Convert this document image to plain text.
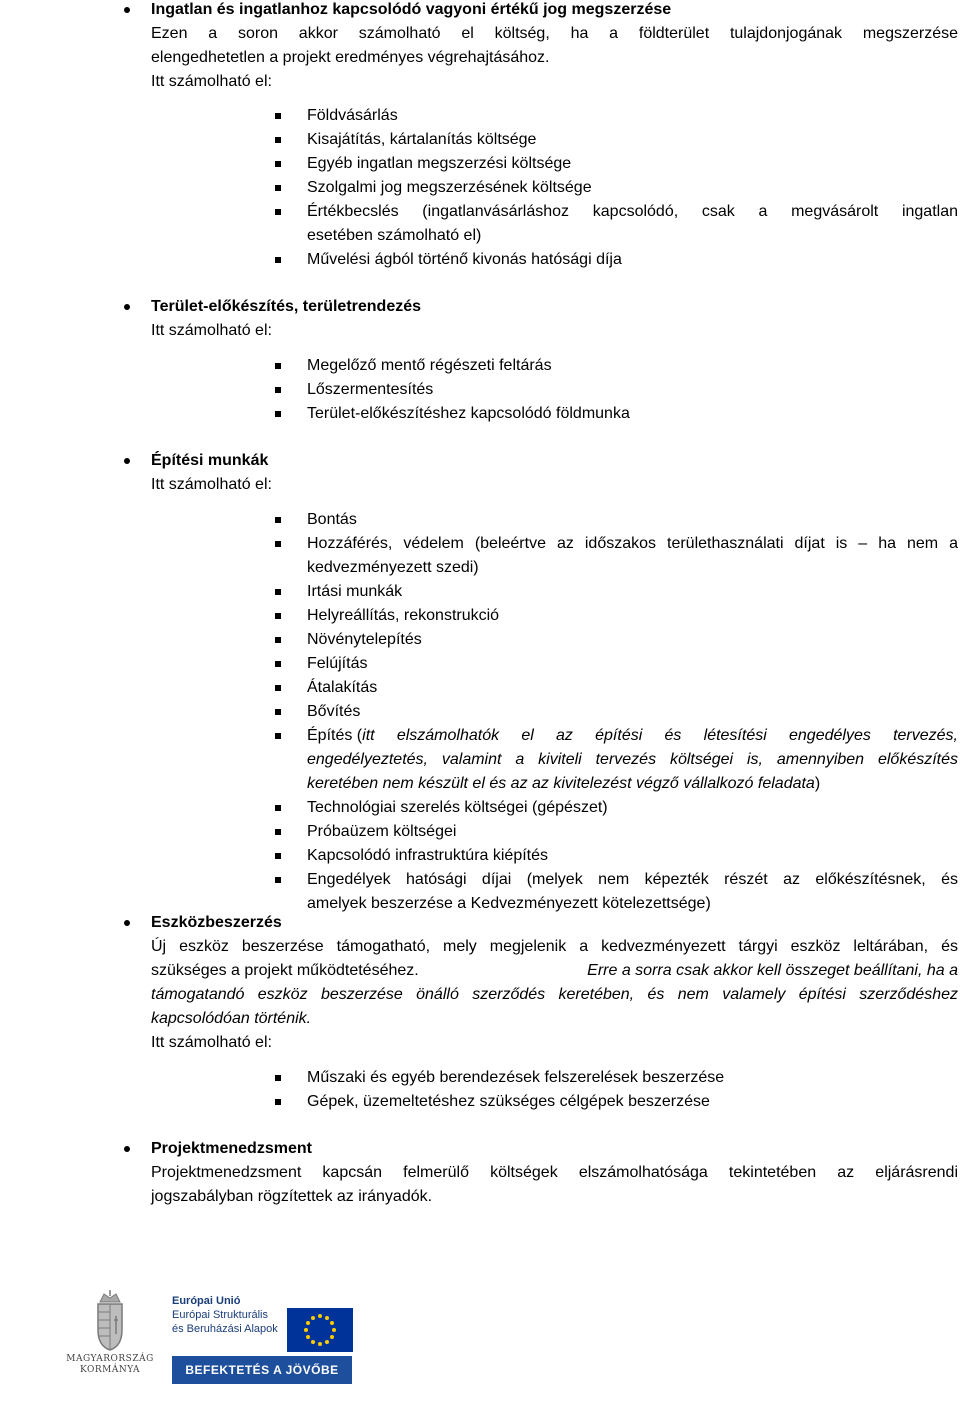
Ingatlan és ingatlanhoz kapcsolódó vagyoni értékű jog megszerzése
Ezen a soron akkor számolható el költség, ha a földterület tulajdonjogának megszerzése
elengedhetetlen a projekt eredményes végrehajtásához.
Itt számolható el:
Földvásárlás
Kisajátítás, kártalanítás költsége
Egyéb ingatlan megszerzési költsége
Szolgalmi jog megszerzésének költsége
Értékbecslés (ingatlanvásárláshoz kapcsolódó, csak a megvásárolt ingatlan
esetében számolható el)
Művelési ágból történő kivonás hatósági díja
Terület-előkészítés, területrendezés
Itt számolható el:
Megelőző mentő régészeti feltárás
Lőszermentesítés
Terület-előkészítéshez kapcsolódó földmunka
Építési munkák
Itt számolható el:
Bontás
Hozzáférés, védelem (beleértve az időszakos területhasználati díjat is – ha nem a
kedvezményezett szedi)
Irtási munkák
Helyreállítás, rekonstrukció
Növénytelepítés
Felújítás
Átalakítás
Bővítés
Építés ( itt elszámolhatók el az építési és létesítési engedélyes tervezés,
engedélyeztetés, valamint a kiviteli tervezés költségei is, amennyiben előkészítés
keretében nem készült el és az az kivitelezést végző vállalkozó feladata)
Technológiai szerelés költségei (gépészet)
Próbaüzem költségei
Kapcsolódó infrastruktúra kiépítés
Engedélyek hatósági díjai (melyek nem képezték részét az előkészítésnek, és
amelyek beszerzése a Kedvezményezett kötelezettsége)
Eszközbeszerzés
Új eszköz beszerzése támogatható, mely megjelenik a kedvezményezett tárgyi eszköz leltárában, és
szükséges a projekt működtetéséhez.	Erre a sorra csak akkor kell összeget beállítani, ha a
támogatandó eszköz beszerzése önálló szerződés keretében, és nem valamely építési szerződéshez
kapcsolódóan történik.
Itt számolható el:
Műszaki és egyéb berendezések felszerelések beszerzése
Gépek, üzemeltetéshez szükséges célgépek beszerzése
Projektmenedzsment
Projektmenedzsment kapcsán felmerülő költségek elszámolhatósága tekintetében az eljárásrendi
jogszabályban rögzítettek az irányadók.
MAGYARORSZÁG
KORMÁNYA
Európai Unió
Európai Strukturális
és Beruházási Alapok
BEFEKTETÉS A JÖVŐBE
